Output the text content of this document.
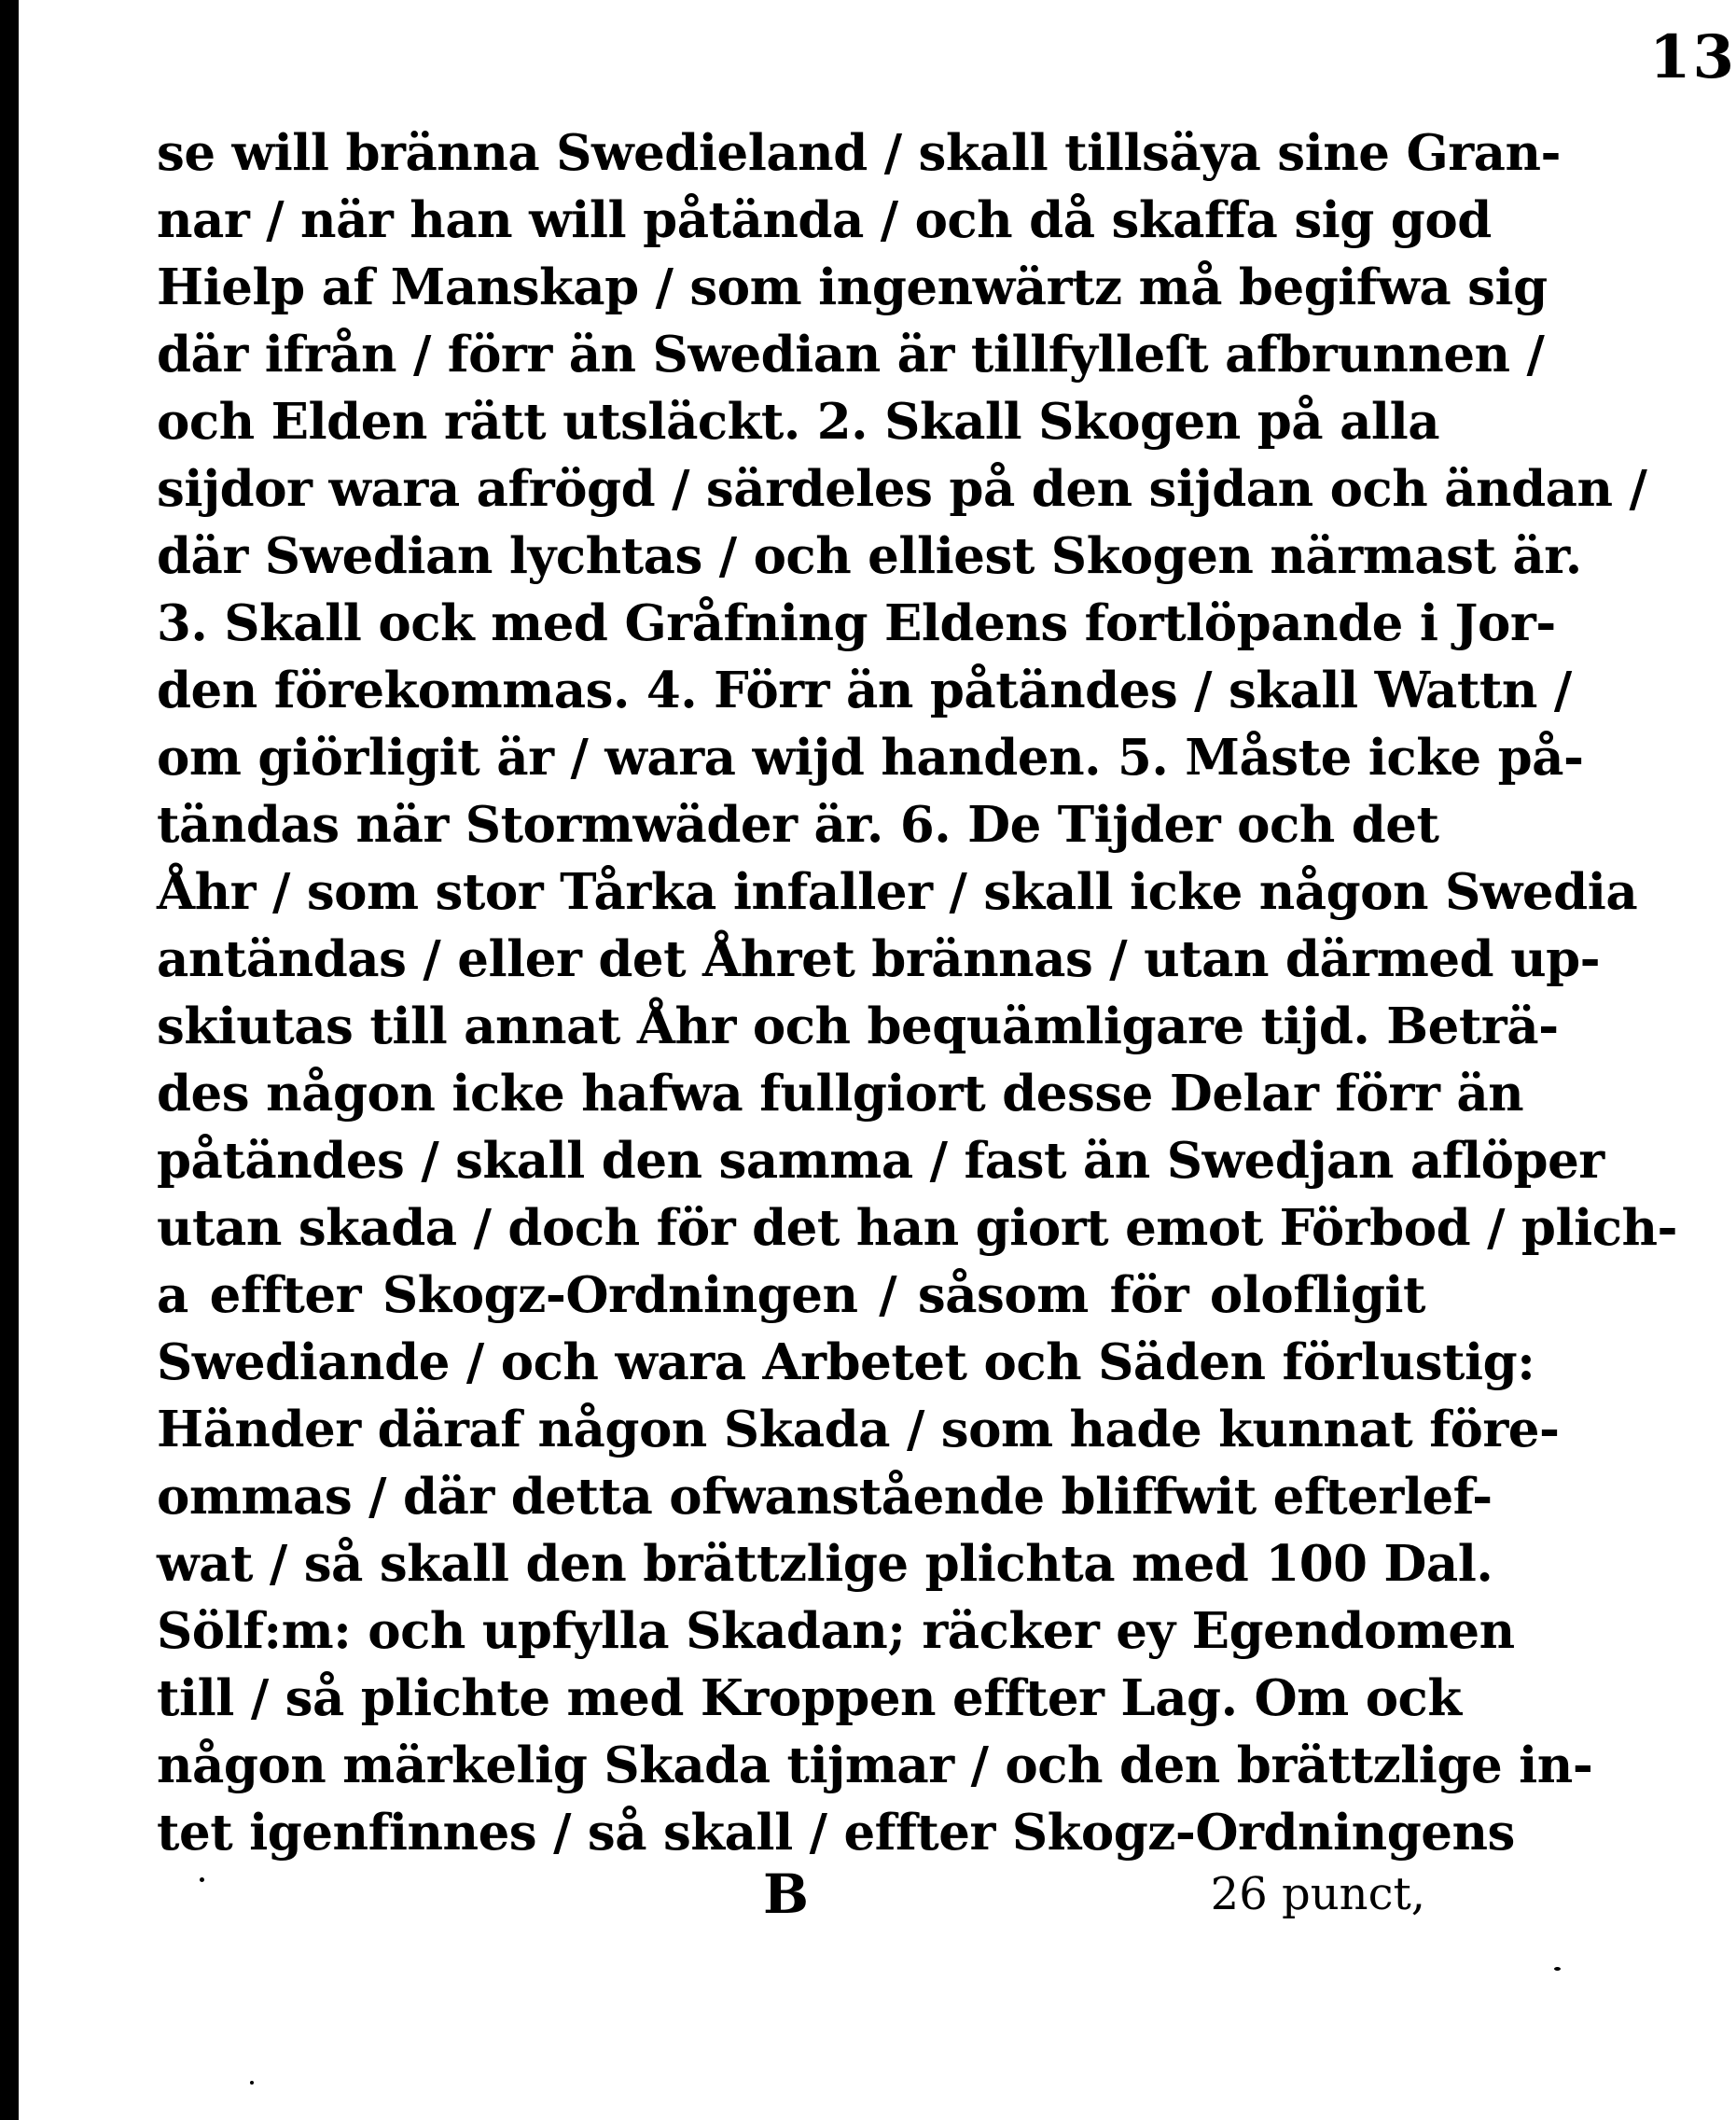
13
se will bränna Swedieland / skall tillsäya sine Gran-
nar / när han will påtända / och då skaffa sig god
Hielp af Manskap / som ingenwärtz må begifwa sig
där ifrån / förr än Swedian är tillfylleſt afbrunnen /
och Elden rätt utsläckt. 2. Skall Skogen på alla
sijdor wara afrögd / särdeles på den sijdan och ändan /
där Swedian lychtas / och elliest Skogen närmast är.
3. Skall ock med Gråfning Eldens fortlöpande i Jor-
den förekommas. 4. Förr än påtändes / skall Wattn /
om giörligit är / wara wijd handen. 5. Måste icke på-
tändas när Stormwäder är. 6. De Tijder och det
Åhr / som stor Tårka infaller / skall icke någon Swedia
antändas / eller det Åhret brännas / utan därmed up-
skiutas till annat Åhr och bequämligare tijd. Beträ-
des någon icke hafwa fullgiort desse Delar förr än
påtändes / skall den samma / fast än Swedjan aflöper
utan skada / doch för det han giort emot Förbod / plich-
a effter Skogz-Ordningen / såsom för olofligit
Swediande / och wara Arbetet och Säden förlustig:
Händer däraf någon Skada / som hade kunnat före-
ommas / där detta ofwanstående bliffwit efterlef-
wat / så skall den brättzlige plichta med 100 Dal.
Sölf:m: och upfylla Skadan; räcker ey Egendomen
till / så plichte med Kroppen effter Lag. Om ock
någon märkelig Skada tijmar / och den brättzlige in-
tet igenfinnes / så skall / effter Skogz-Ordningens
B	26 punct,
